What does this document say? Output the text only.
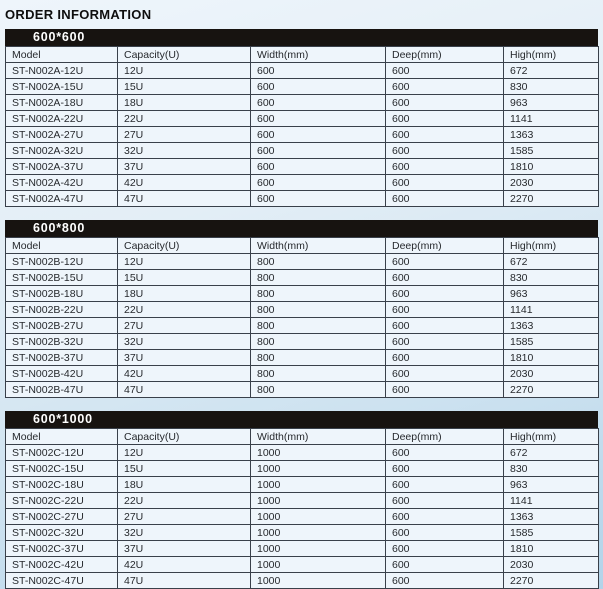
ORDER INFORMATION
600*600
Model	Capacity(U)	Width(mm)	Deep(mm)	High(mm)
ST-N002A-12U	12U	600	600	672
ST-N002A-15U	15U	600	600	830
ST-N002A-18U	18U	600	600	963
ST-N002A-22U	22U	600	600	1141
ST-N002A-27U	27U	600	600	1363
ST-N002A-32U	32U	600	600	1585
ST-N002A-37U	37U	600	600	1810
ST-N002A-42U	42U	600	600	2030
ST-N002A-47U	47U	600	600	2270
600*800
Model	Capacity(U)	Width(mm)	Deep(mm)	High(mm)
ST-N002B-12U	12U	800	600	672
ST-N002B-15U	15U	800	600	830
ST-N002B-18U	18U	800	600	963
ST-N002B-22U	22U	800	600	1141
ST-N002B-27U	27U	800	600	1363
ST-N002B-32U	32U	800	600	1585
ST-N002B-37U	37U	800	600	1810
ST-N002B-42U	42U	800	600	2030
ST-N002B-47U	47U	800	600	2270
600*1000
Model	Capacity(U)	Width(mm)	Deep(mm)	High(mm)
ST-N002C-12U	12U	1000	600	672
ST-N002C-15U	15U	1000	600	830
ST-N002C-18U	18U	1000	600	963
ST-N002C-22U	22U	1000	600	1141
ST-N002C-27U	27U	1000	600	1363
ST-N002C-32U	32U	1000	600	1585
ST-N002C-37U	37U	1000	600	1810
ST-N002C-42U	42U	1000	600	2030
ST-N002C-47U	47U	1000	600	2270
